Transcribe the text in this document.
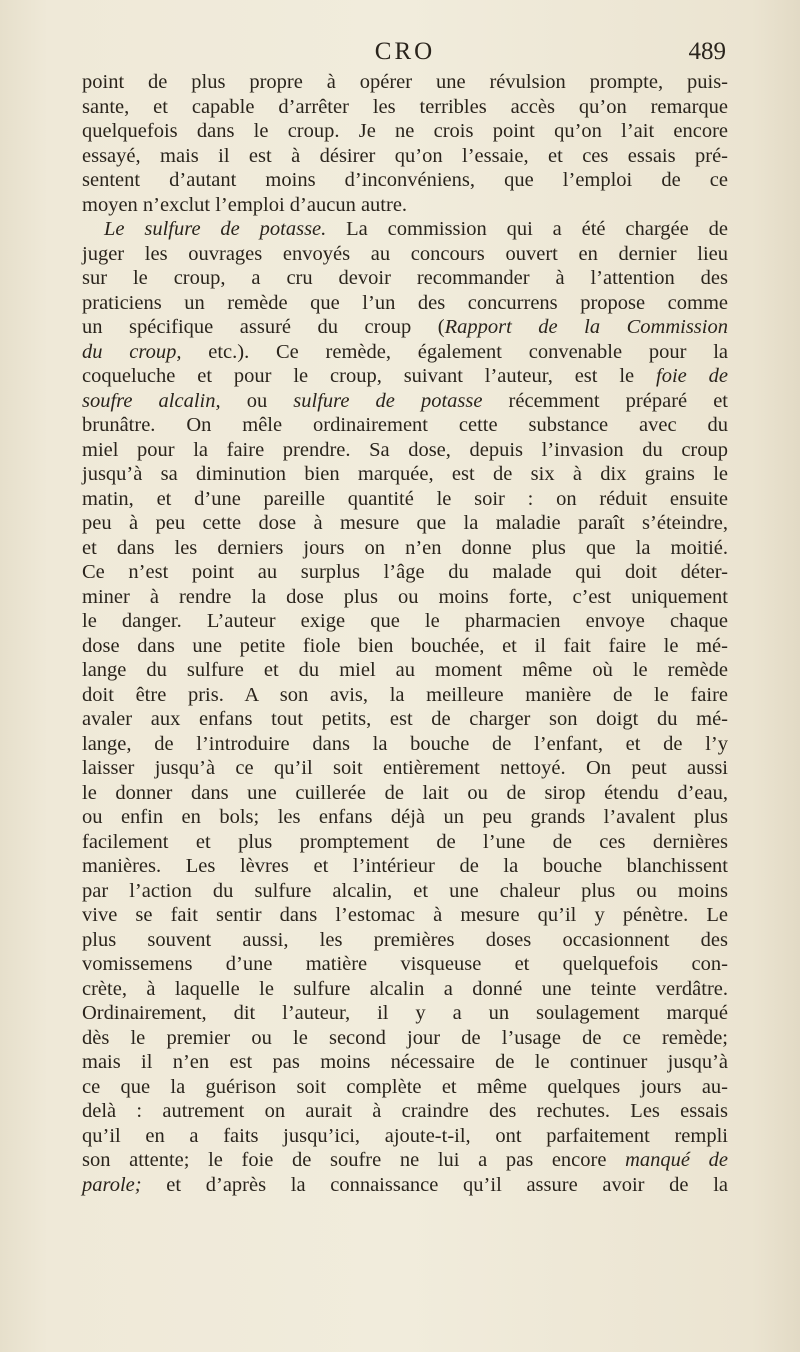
CRO	489
point de plus propre à opérer une révulsion prompte, puis-
sante, et capable d’arrêter les terribles accès qu’on remarque
quelquefois dans le croup. Je ne crois point qu’on l’ait encore
essayé, mais il est à désirer qu’on l’essaie, et ces essais pré-
sentent d’autant moins d’inconvéniens, que l’emploi de ce
moyen n’exclut l’emploi d’aucun autre.
Le sulfure de potasse. La commission qui a été chargée de
juger les ouvrages envoyés au concours ouvert en dernier lieu
sur le croup, a cru devoir recommander à l’attention des
praticiens un remède que l’un des concurrens propose comme
un spécifique assuré du croup (Rapport de la Commission
du croup, etc.). Ce remède, également convenable pour la
coqueluche et pour le croup, suivant l’auteur, est le foie de
soufre alcalin, ou sulfure de potasse récemment préparé et
brunâtre. On mêle ordinairement cette substance avec du
miel pour la faire prendre. Sa dose, depuis l’invasion du croup
jusqu’à sa diminution bien marquée, est de six à dix grains le
matin, et d’une pareille quantité le soir : on réduit ensuite
peu à peu cette dose à mesure que la maladie paraît s’éteindre,
et dans les derniers jours on n’en donne plus que la moitié.
Ce n’est point au surplus l’âge du malade qui doit déter-
miner à rendre la dose plus ou moins forte, c’est uniquement
le danger. L’auteur exige que le pharmacien envoye chaque
dose dans une petite fiole bien bouchée, et il fait faire le mé-
lange du sulfure et du miel au moment même où le remède
doit être pris. A son avis, la meilleure manière de le faire
avaler aux enfans tout petits, est de charger son doigt du mé-
lange, de l’introduire dans la bouche de l’enfant, et de l’y
laisser jusqu’à ce qu’il soit entièrement nettoyé. On peut aussi
le donner dans une cuillerée de lait ou de sirop étendu d’eau,
ou enfin en bols; les enfans déjà un peu grands l’avalent plus
facilement et plus promptement de l’une de ces dernières
manières. Les lèvres et l’intérieur de la bouche blanchissent
par l’action du sulfure alcalin, et une chaleur plus ou moins
vive se fait sentir dans l’estomac à mesure qu’il y pénètre. Le
plus souvent aussi, les premières doses occasionnent des
vomissemens d’une matière visqueuse et quelquefois con-
crète, à laquelle le sulfure alcalin a donné une teinte verdâtre.
Ordinairement, dit l’auteur, il y a un soulagement marqué
dès le premier ou le second jour de l’usage de ce remède;
mais il n’en est pas moins nécessaire de le continuer jusqu’à
ce que la guérison soit complète et même quelques jours au-
delà : autrement on aurait à craindre des rechutes. Les essais
qu’il en a faits jusqu’ici, ajoute-t-il, ont parfaitement rempli
son attente; le foie de soufre ne lui a pas encore manqué de
parole; et d’après la connaissance qu’il assure avoir de la
